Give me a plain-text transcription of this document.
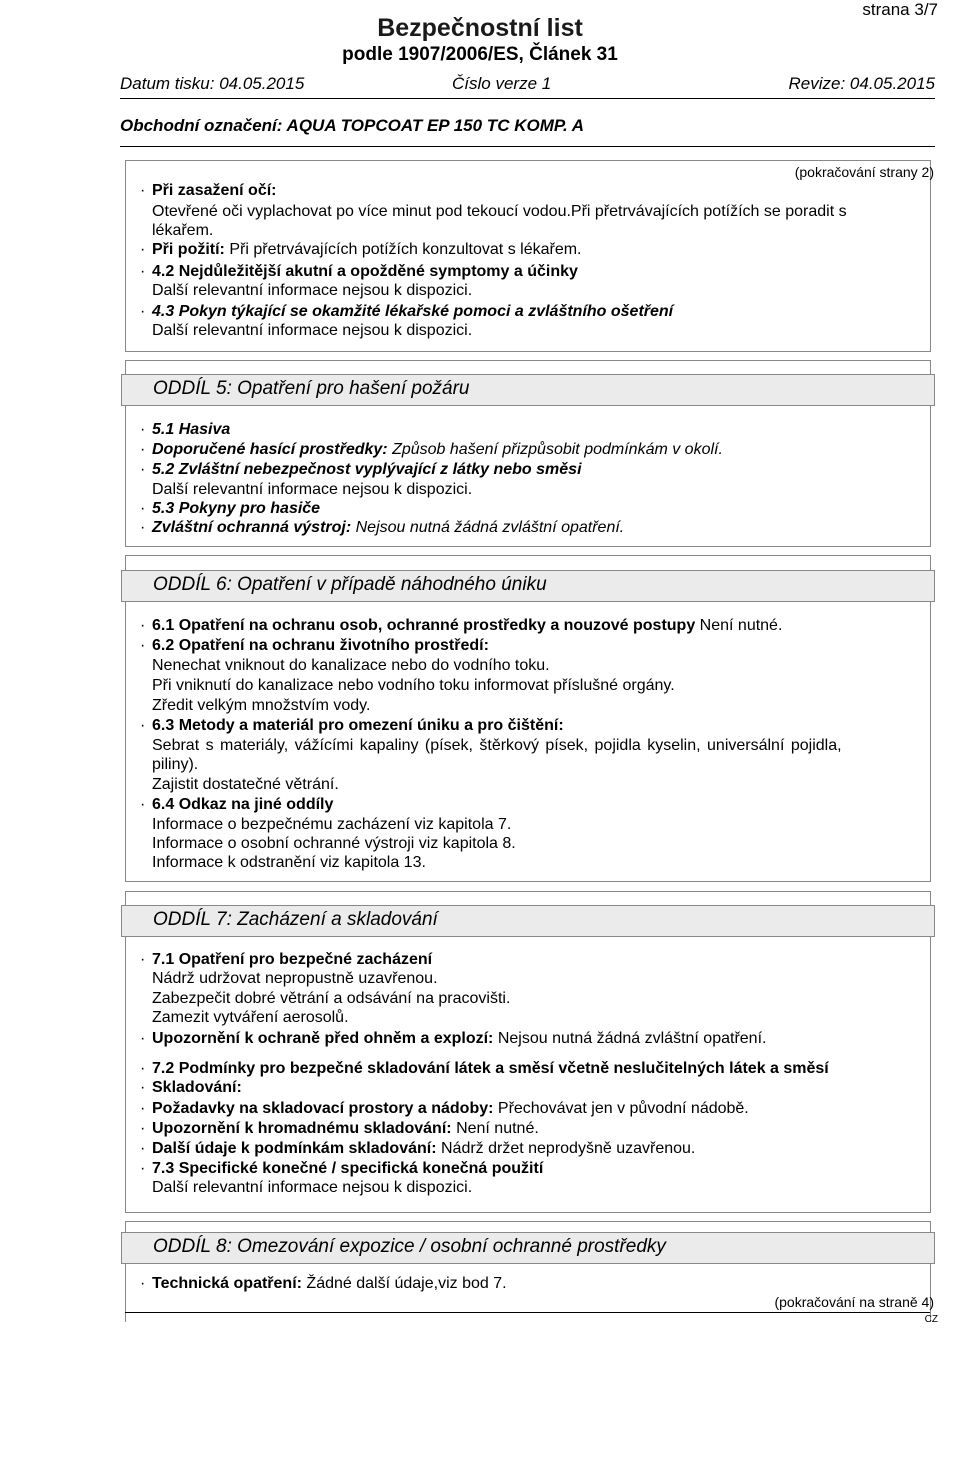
strana 3/7
Bezpečnostní list
podle 1907/2006/ES, Článek 31
Datum tisku: 04.05.2015	Číslo verze 1	Revize: 04.05.2015
Obchodní označení: AQUA TOPCOAT EP 150 TC KOMP. A
(pokračování strany 2)
· Při zasažení očí:
Otevřené oči vyplachovat po více minut pod tekoucí vodou.Při přetrvávajících potížích se poradit s
lékařem.
· Při požití: Při přetrvávajících potížích konzultovat s lékařem.
· 4.2 Nejdůležitější akutní a opožděné symptomy a účinky
Další relevantní informace nejsou k dispozici.
· 4.3 Pokyn týkající se okamžité lékařské pomoci a zvláštního ošetření
Další relevantní informace nejsou k dispozici.
ODDÍL 5: Opatření pro hašení požáru
· 5.1 Hasiva
· Doporučené hasící prostředky: Způsob hašení přizpůsobit podmínkám v okolí.
· 5.2 Zvláštní nebezpečnost vyplývající z látky nebo směsi
Další relevantní informace nejsou k dispozici.
· 5.3 Pokyny pro hasiče
· Zvláštní ochranná výstroj: Nejsou nutná žádná zvláštní opatření.
ODDÍL 6: Opatření v případě náhodného úniku
· 6.1 Opatření na ochranu osob, ochranné prostředky a nouzové postupy Není nutné.
· 6.2 Opatření na ochranu životního prostředí:
Nenechat vniknout do kanalizace nebo do vodního toku.
Při vniknutí do kanalizace nebo vodního toku informovat příslušné orgány.
Zředit velkým množstvím vody.
· 6.3 Metody a materiál pro omezení úniku a pro čištění:
Sebrat s materiály, vážícími kapaliny (písek, štěrkový písek, pojidla kyselin, universální pojidla,
piliny).
Zajistit dostatečné větrání.
· 6.4 Odkaz na jiné oddíly
Informace o bezpečnému zacházení viz kapitola 7.
Informace o osobní ochranné výstroji viz kapitola 8.
Informace k odstranění viz kapitola 13.
ODDÍL 7: Zacházení a skladování
· 7.1 Opatření pro bezpečné zacházení
Nádrž udržovat nepropustně uzavřenou.
Zabezpečit dobré větrání a odsávání na pracovišti.
Zamezit vytváření aerosolů.
· Upozornění k ochraně před ohněm a explozí: Nejsou nutná žádná zvláštní opatření.
· 7.2 Podmínky pro bezpečné skladování látek a směsí včetně neslučitelných látek a směsí
· Skladování:
· Požadavky na skladovací prostory a nádoby: Přechovávat jen v původní nádobě.
· Upozornění k hromadnému skladování: Není nutné.
· Další údaje k podmínkám skladování: Nádrž držet neprodyšně uzavřenou.
· 7.3 Specifické konečné / specifická konečná použití
Další relevantní informace nejsou k dispozici.
ODDÍL 8: Omezování expozice / osobní ochranné prostředky
· Technická opatření: Žádné další údaje,viz bod 7.
(pokračování na straně 4)
CZ
